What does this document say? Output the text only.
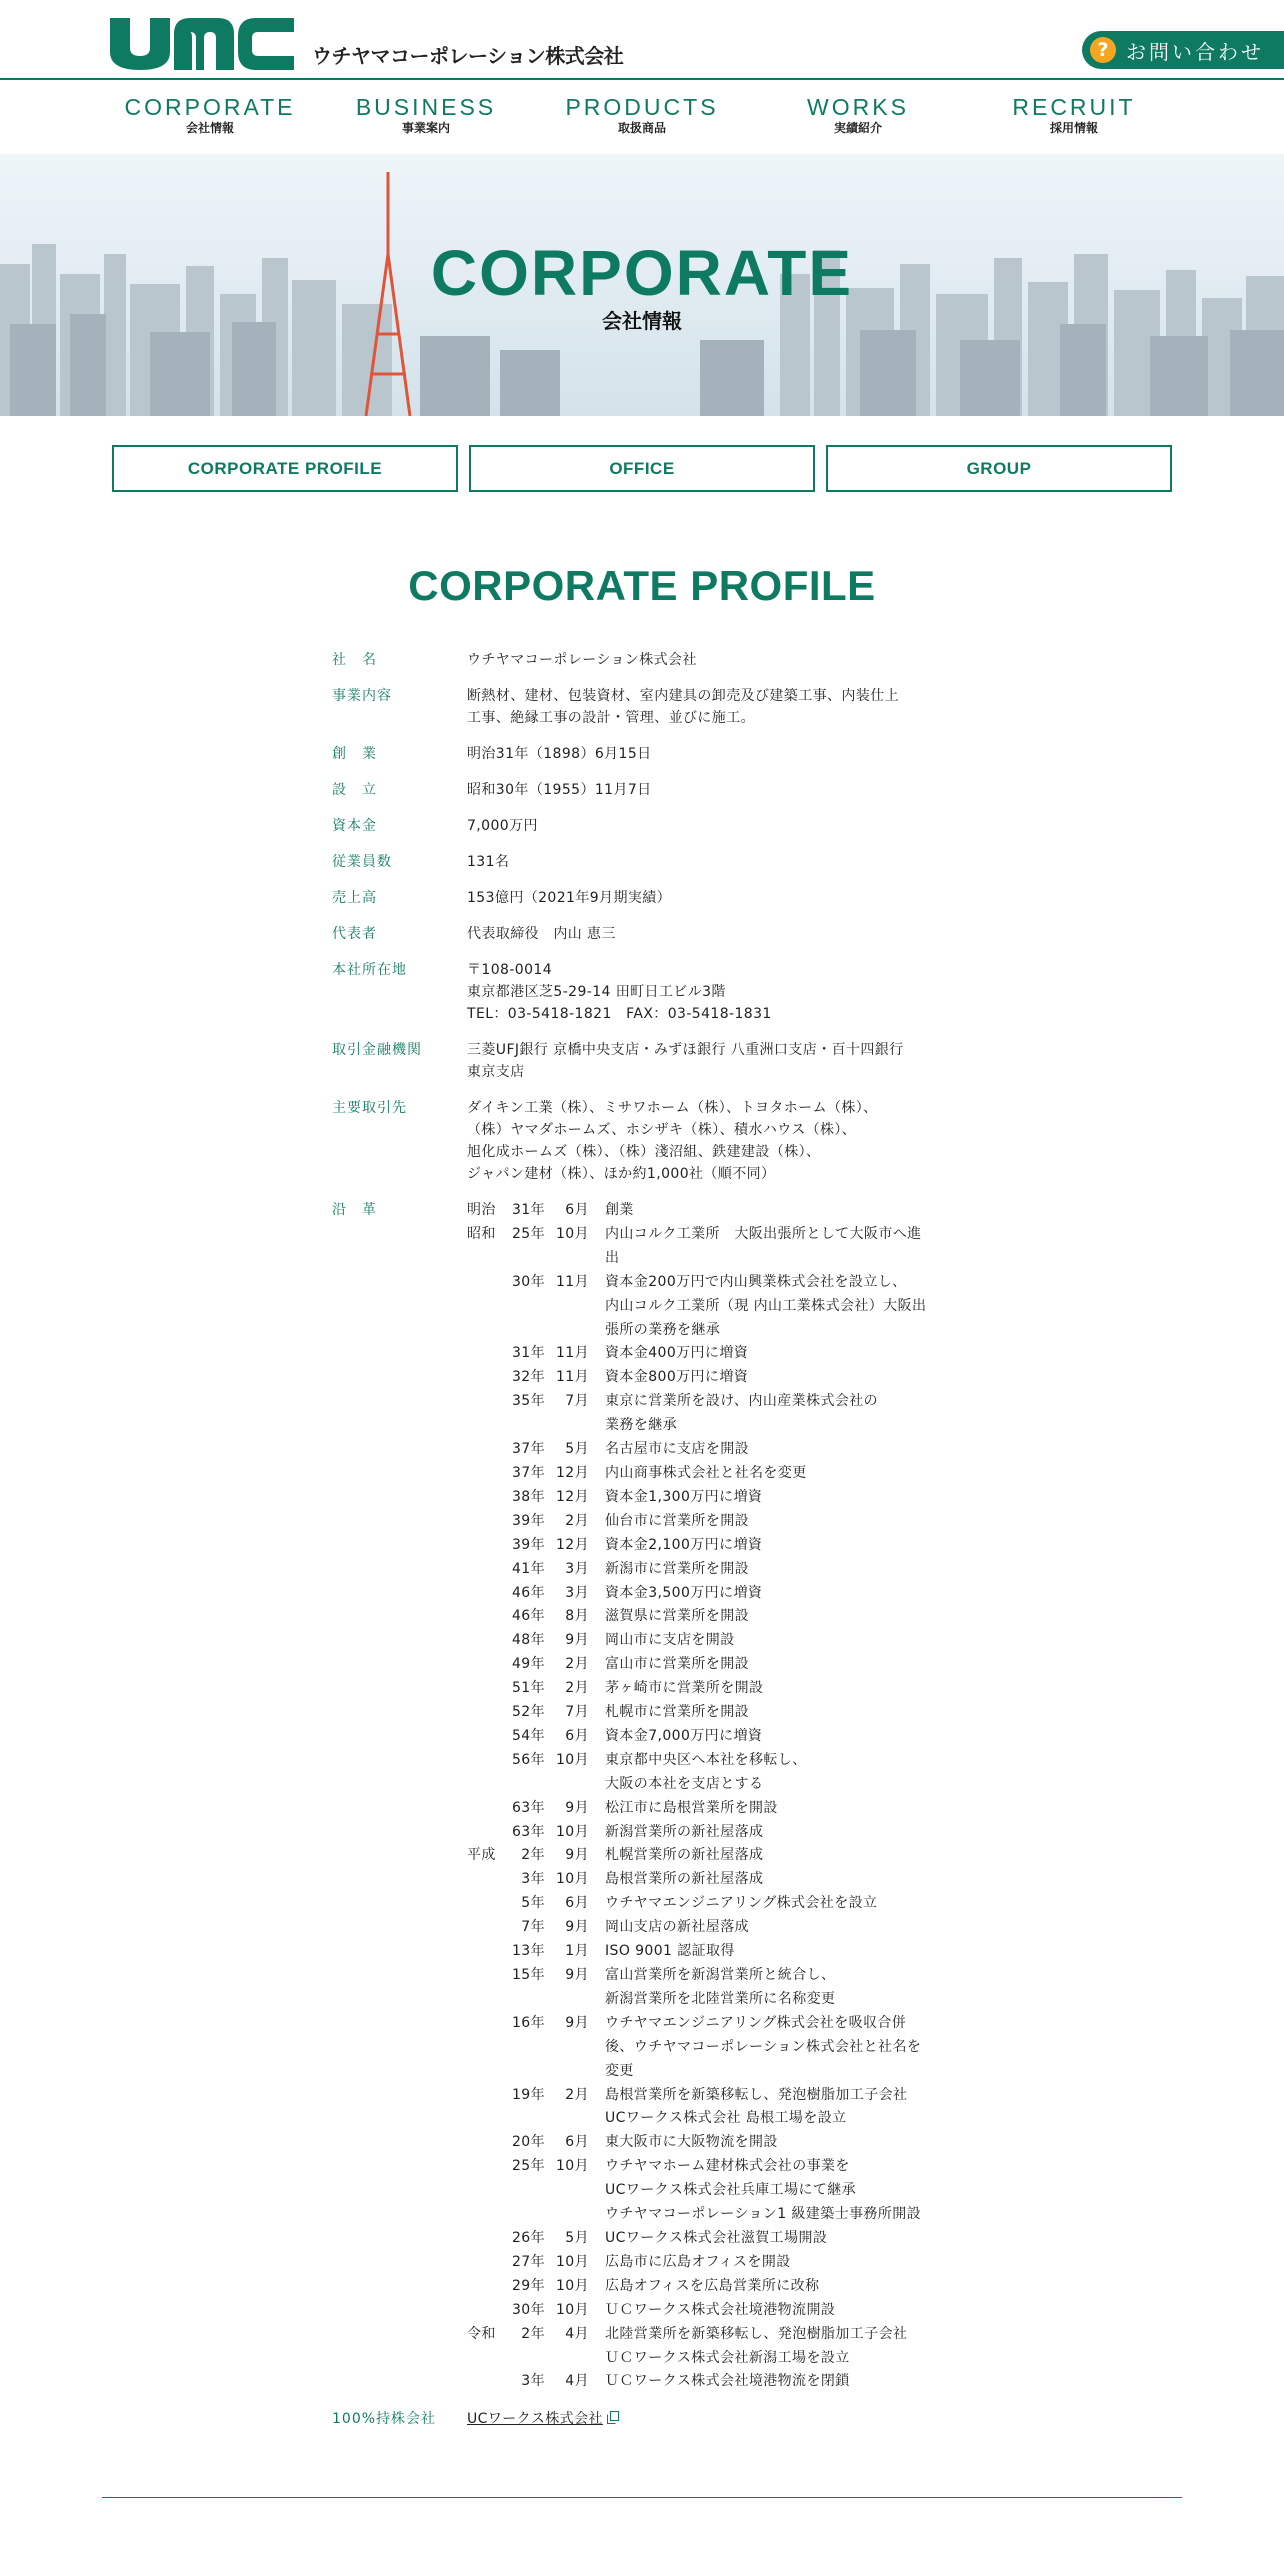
ウチヤマコーポレーション株式会社	? お問い合わせ
CORPORATE
会社情報
BUSINESS
事業案内
PRODUCTS
取扱商品
WORKS
実績紹介
RECRUIT
採用情報
CORPORATE
会社情報
CORPORATE PROFILE	OFFICE	GROUP
CORPORATE PROFILE
社　名	ウチヤマコーポレーション株式会社
事業内容	断熱材、建材、包装資材、室内建具の卸売及び建築工事、内装仕上
工事、絶縁工事の設計・管理、並びに施工。
創　業	明治31年（1898）6月15日
設　立	昭和30年（1955）11月7日
資本金	7,000万円
従業員数	131名
売上高	153億円（2021年9月期実績）
代表者	代表取締役　内山 恵三
本社所在地	〒108-0014
東京都港区芝5-29-14 田町日工ビル3階
TEL：03-5418-1821　FAX：03-5418-1831
取引金融機関	三菱UFJ銀行 京橋中央支店・みずほ銀行 八重洲口支店・百十四銀行
東京支店
主要取引先	ダイキン工業（株）、ミサワホーム（株）、トヨタホーム（株）、
（株）ヤマダホームズ、ホシザキ（株）、積水ハウス（株）、
旭化成ホームズ（株）、（株）淺沼組、鉄建建設（株）、
ジャパン建材（株）、ほか約1,000社（順不同）
沿　革	明治	31年	6月 創業
昭和	25年 10月 内山コルク工業所　大阪出張所として大阪市へ進
出
30年 11月 資本金200万円で内山興業株式会社を設立し、
内山コルク工業所（現 内山工業株式会社）大阪出
張所の業務を継承
31年 11月 資本金400万円に増資
32年 11月 資本金800万円に増資
35年	7月 東京に営業所を設け、内山産業株式会社の
業務を継承
37年	5月 名古屋市に支店を開設
37年 12月 内山商事株式会社と社名を変更
38年 12月 資本金1,300万円に増資
39年	2月 仙台市に営業所を開設
39年 12月 資本金2,100万円に増資
41年	3月 新潟市に営業所を開設
46年	3月 資本金3,500万円に増資
46年	8月 滋賀県に営業所を開設
48年	9月 岡山市に支店を開設
49年	2月 富山市に営業所を開設
51年	2月 茅ヶ崎市に営業所を開設
52年	7月 札幌市に営業所を開設
54年	6月 資本金7,000万円に増資
56年 10月 東京都中央区へ本社を移転し、
大阪の本社を支店とする
63年	9月 松江市に島根営業所を開設
63年 10月 新潟営業所の新社屋落成
平成	2年	9月 札幌営業所の新社屋落成
3年 10月 島根営業所の新社屋落成
5年	6月 ウチヤマエンジニアリング株式会社を設立
7年	9月 岡山支店の新社屋落成
13年	1月 ISO 9001 認証取得
15年	9月 富山営業所を新潟営業所と統合し、
新潟営業所を北陸営業所に名称変更
16年	9月 ウチヤマエンジニアリング株式会社を吸収合併
後、ウチヤマコーポレーション株式会社と社名を
変更
19年	2月 島根営業所を新築移転し、発泡樹脂加工子会社
UCワークス株式会社 島根工場を設立
20年	6月 東大阪市に大阪物流を開設
25年 10月 ウチヤマホーム建材株式会社の事業を
UCワークス株式会社兵庫工場にて継承
ウチヤマコーポレーション1 級建築士事務所開設
26年	5月 UCワークス株式会社滋賀工場開設
27年 10月 広島市に広島オフィスを開設
29年 10月 広島オフィスを広島営業所に改称
30年 10月 ＵＣワークス株式会社境港物流開設
令和	2年	4月 北陸営業所を新築移転し、発泡樹脂加工子会社
ＵＣワークス株式会社新潟工場を設立
3年	4月 ＵＣワークス株式会社境港物流を閉鎖
100%持株会社	UCワークス株式会社
